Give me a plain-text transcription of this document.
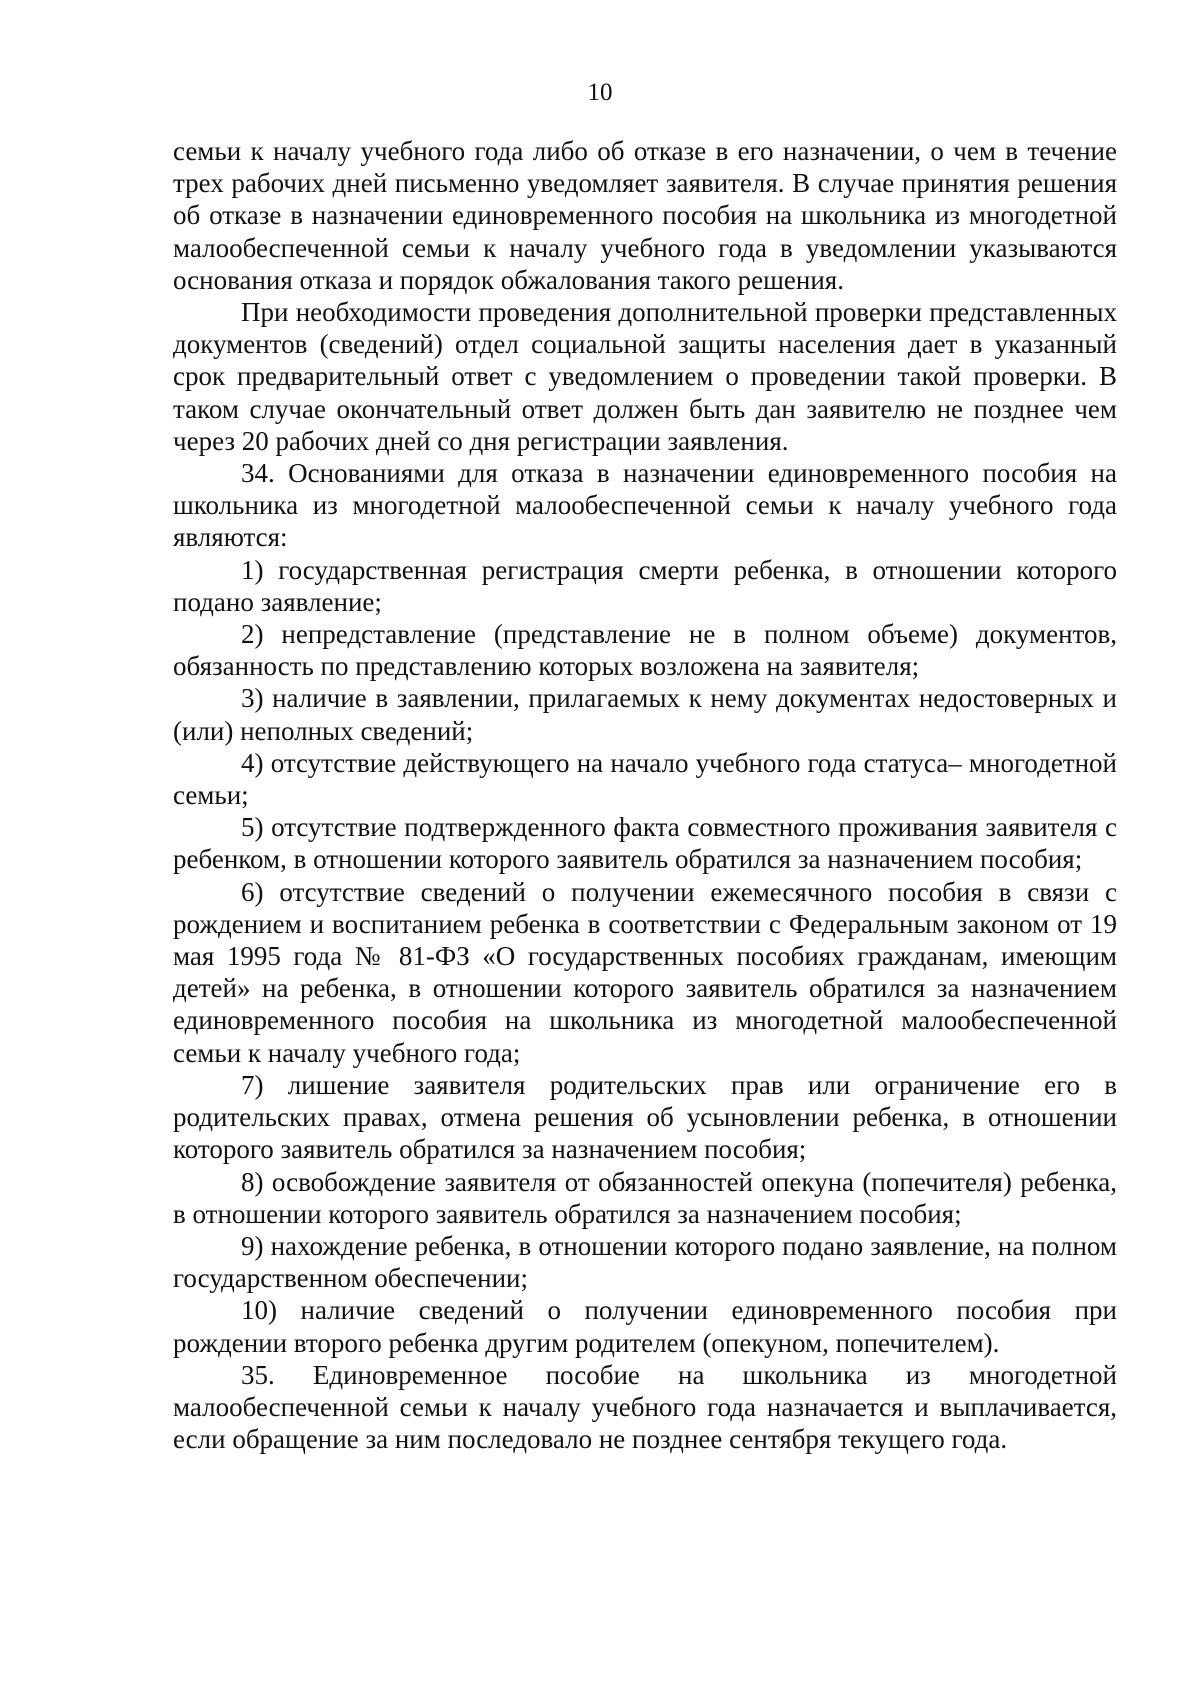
10

семьи к началу учебного года либо об отказе в его назначении, о чем в течение трех рабочих дней письменно уведомляет заявителя. В случае принятия решения об отказе в назначении единовременного пособия на школьника из многодетной малообеспеченной семьи к началу учебного года в уведомлении указываются основания отказа и порядок обжалования такого решения.

При необходимости проведения дополнительной проверки представленных документов (сведений) отдел социальной защиты населения дает в указанный срок предварительный ответ с уведомлением о проведении такой проверки. В таком случае окончательный ответ должен быть дан заявителю не позднее чем через 20 рабочих дней со дня регистрации заявления.

34. Основаниями для отказа в назначении единовременного пособия на школьника из многодетной малообеспеченной семьи к началу учебного года являются:

1) государственная регистрация смерти ребенка, в отношении которого подано заявление;

2) непредставление (представление не в полном объеме) документов, обязанность по представлению которых возложена на заявителя;

3) наличие в заявлении, прилагаемых к нему документах недостоверных и (или) неполных сведений;

4) отсутствие действующего на начало учебного года статуса– многодетной семьи;

5) отсутствие подтвержденного факта совместного проживания заявителя с ребенком, в отношении которого заявитель обратился за назначением пособия;

6) отсутствие сведений о получении ежемесячного пособия в связи с рождением и воспитанием ребенка в соответствии с Федеральным законом от 19 мая 1995 года № 81-ФЗ «О государственных пособиях гражданам, имеющим детей» на ребенка, в отношении которого заявитель обратился за назначением единовременного пособия на школьника из многодетной малообеспеченной семьи к началу учебного года;

7) лишение заявителя родительских прав или ограничение его в родительских правах, отмена решения об усыновлении ребенка, в отношении которого заявитель обратился за назначением пособия;

8) освобождение заявителя от обязанностей опекуна (попечителя) ребенка, в отношении которого заявитель обратился за назначением пособия;

9) нахождение ребенка, в отношении которого подано заявление, на полном государственном обеспечении;

10) наличие сведений о получении единовременного пособия при рождении второго ребенка другим родителем (опекуном, попечителем).

35. Единовременное пособие на школьника из многодетной малообеспеченной семьи к началу учебного года назначается и выплачивается, если обращение за ним последовало не позднее сентября текущего года.
